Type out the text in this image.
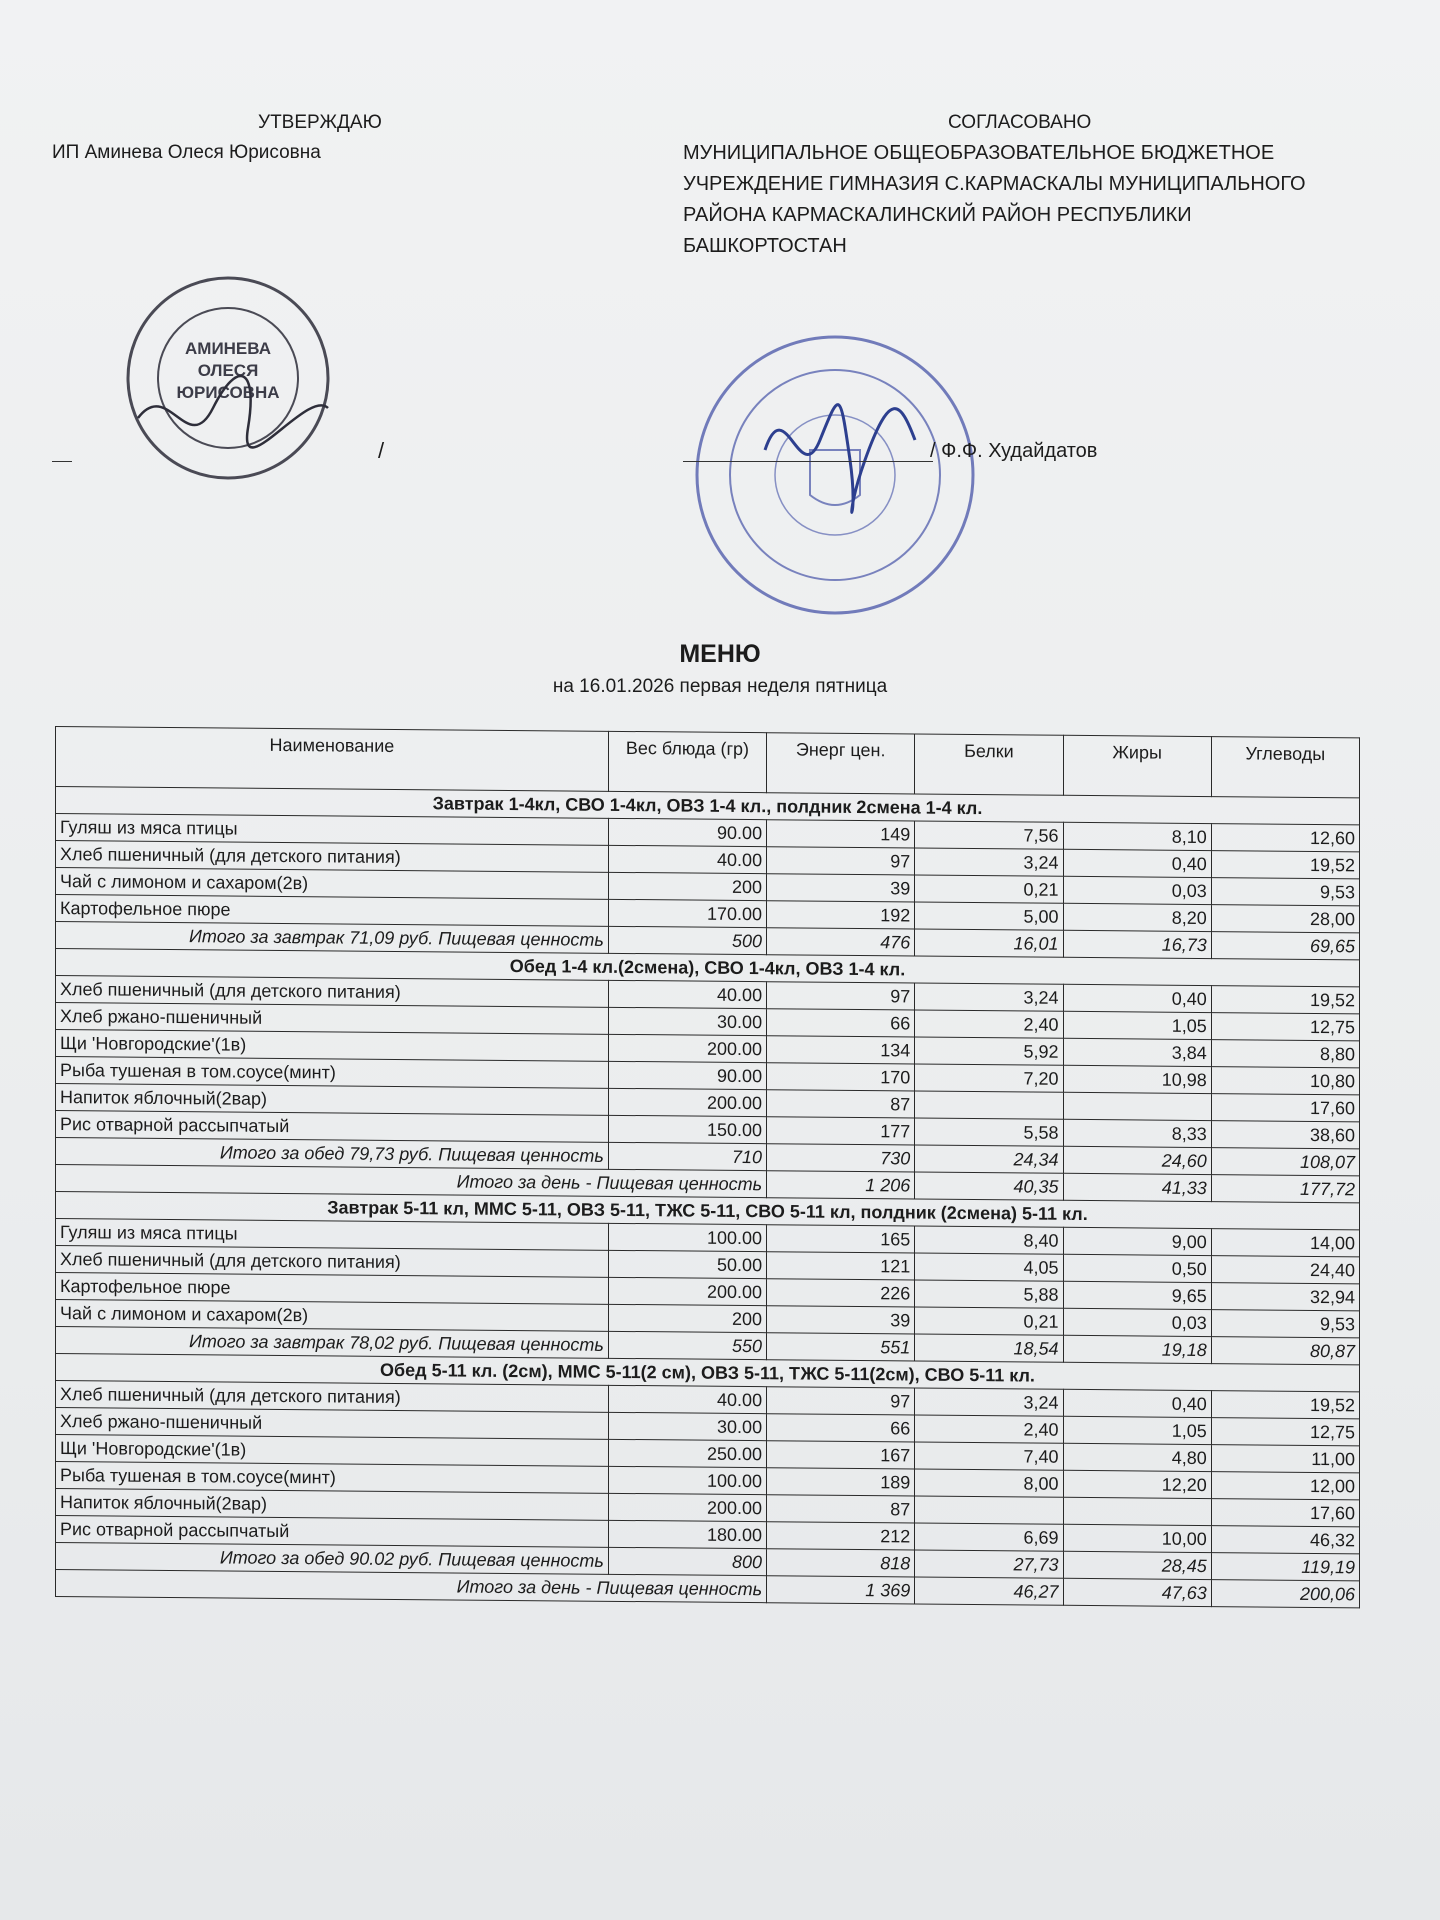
УТВЕРЖДАЮ
ИП Аминева Олеся Юрисовна
АМИНЕВА
ОЛЕСЯ
ЮРИСОВНА
/
СОГЛАСОВАНО
МУНИЦИПАЛЬНОЕ ОБЩЕОБРАЗОВАТЕЛЬНОЕ БЮДЖЕТНОЕ
УЧРЕЖДЕНИЕ ГИМНАЗИЯ С.КАРМАСКАЛЫ МУНИЦИПАЛЬНОГО
РАЙОНА КАРМАСКАЛИНСКИЙ РАЙОН РЕСПУБЛИКИ
БАШКОРТОСТАН
/ Ф.Ф. Худайдатов
МЕНЮ
на 16.01.2026 первая неделя пятница
Наименование	Вес блюда (гр)	Энерг цен.	Белки	Жиры	Углеводы
Завтрак 1-4кл, СВО 1-4кл, ОВЗ 1-4 кл., полдник 2смена 1-4 кл.					
Гуляш из мяса птицы	90.00	149	7,56	8,10	12,60
Хлеб пшеничный (для детского питания)	40.00	97	3,24	0,40	19,52
Чай с лимоном и сахаром(2в)	200	39	0,21	0,03	9,53
Картофельное пюре	170.00	192	5,00	8,20	28,00
Итого за завтрак 71,09 руб. Пищевая ценность	500	476	16,01	16,73	69,65
Обед 1-4 кл.(2смена), СВО 1-4кл, ОВЗ 1-4 кл.					
Хлеб пшеничный (для детского питания)	40.00	97	3,24	0,40	19,52
Хлеб ржано-пшеничный	30.00	66	2,40	1,05	12,75
Щи 'Новгородские'(1в)	200.00	134	5,92	3,84	8,80
Рыба тушеная в том.соусе(минт)	90.00	170	7,20	10,98	10,80
Напиток яблочный(2вар)	200.00	87			17,60
Рис отварной рассыпчатый	150.00	177	5,58	8,33	38,60
Итого за обед 79,73 руб. Пищевая ценность	710	730	24,34	24,60	108,07
Итого за день - Пищевая ценность		1 206	40,35	41,33	177,72
Завтрак 5-11 кл, ММС 5-11, ОВЗ 5-11, ТЖС 5-11, СВО 5-11 кл, полдник (2смена) 5-11 кл.					
Гуляш из мяса птицы	100.00	165	8,40	9,00	14,00
Хлеб пшеничный (для детского питания)	50.00	121	4,05	0,50	24,40
Картофельное пюре	200.00	226	5,88	9,65	32,94
Чай с лимоном и сахаром(2в)	200	39	0,21	0,03	9,53
Итого за завтрак 78,02 руб. Пищевая ценность	550	551	18,54	19,18	80,87
Обед 5-11 кл. (2см), ММС 5-11(2 см), ОВЗ 5-11, ТЖС 5-11(2см), СВО 5-11 кл.					
Хлеб пшеничный (для детского питания)	40.00	97	3,24	0,40	19,52
Хлеб ржано-пшеничный	30.00	66	2,40	1,05	12,75
Щи 'Новгородские'(1в)	250.00	167	7,40	4,80	11,00
Рыба тушеная в том.соусе(минт)	100.00	189	8,00	12,20	12,00
Напиток яблочный(2вар)	200.00	87			17,60
Рис отварной рассыпчатый	180.00	212	6,69	10,00	46,32
Итого за обед 90.02 руб. Пищевая ценность	800	818	27,73	28,45	119,19
Итого за день - Пищевая ценность		1 369	46,27	47,63	200,06
